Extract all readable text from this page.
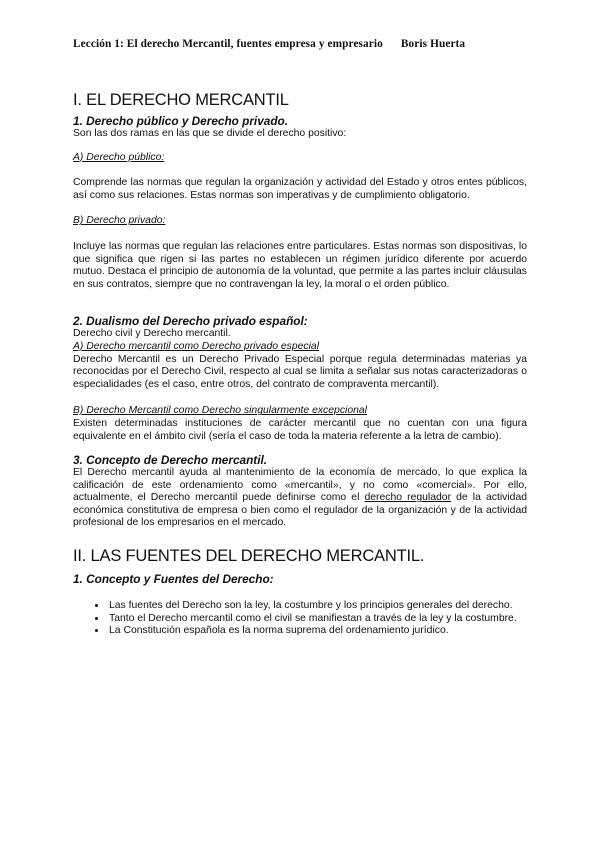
Lección 1: El derecho Mercantil, fuentes empresa y empresario Boris Huerta
I. EL DERECHO MERCANTIL
1. Derecho público y Derecho privado.

Son las dos ramas en las que se divide el derecho positivo:

A) Derecho público:

Comprende las normas que regulan la organización y actividad del Estado y otros entes públicos, así como sus relaciones. Estas normas son imperativas y de cumplimiento obligatorio.

B) Derecho privado:

Incluye las normas que regulan las relaciones entre particulares. Estas normas son dispositivas, lo que significa que rigen si las partes no establecen un régimen jurídico diferente por acuerdo mutuo. Destaca el principio de autonomía de la voluntad, que permite a las partes incluir cláusulas en sus contratos, siempre que no contravengan la ley, la moral o el orden público.

2. Dualismo del Derecho privado español:

Derecho civil y Derecho mercantil.

A) Derecho mercantil como Derecho privado especial

Derecho Mercantil es un Derecho Privado Especial porque regula determinadas materias ya reconocidas por el Derecho Civil, respecto al cual se limita a señalar sus notas caracterizadoras o especialidades (es el caso, entre otros, del contrato de compraventa mercantil).

B) Derecho Mercantil como Derecho singularmente excepcional

Existen determinadas instituciones de carácter mercantil que no cuentan con una figura equivalente en el ámbito civil (sería el caso de toda la materia referente a la letra de cambio).

3. Concepto de Derecho mercantil.

El Derecho mercantil ayuda al mantenimiento de la economía de mercado, lo que explica la calificación de este ordenamiento como «mercantil», y no como «comercial». Por ello, actualmente, el Derecho mercantil puede definirse como el derecho regulador de la actividad económica constitutiva de empresa o bien como el regulador de la organización y de la actividad profesional de los empresarios en el mercado.

II. LAS FUENTES DEL DERECHO MERCANTIL.
1. Concepto y Fuentes del Derecho:
• Las fuentes del Derecho son la ley, la costumbre y los principios generales del derecho.
• Tanto el Derecho mercantil como el civil se manifiestan a través de la ley y la costumbre.
• La Constitución española es la norma suprema del ordenamiento jurídico.
